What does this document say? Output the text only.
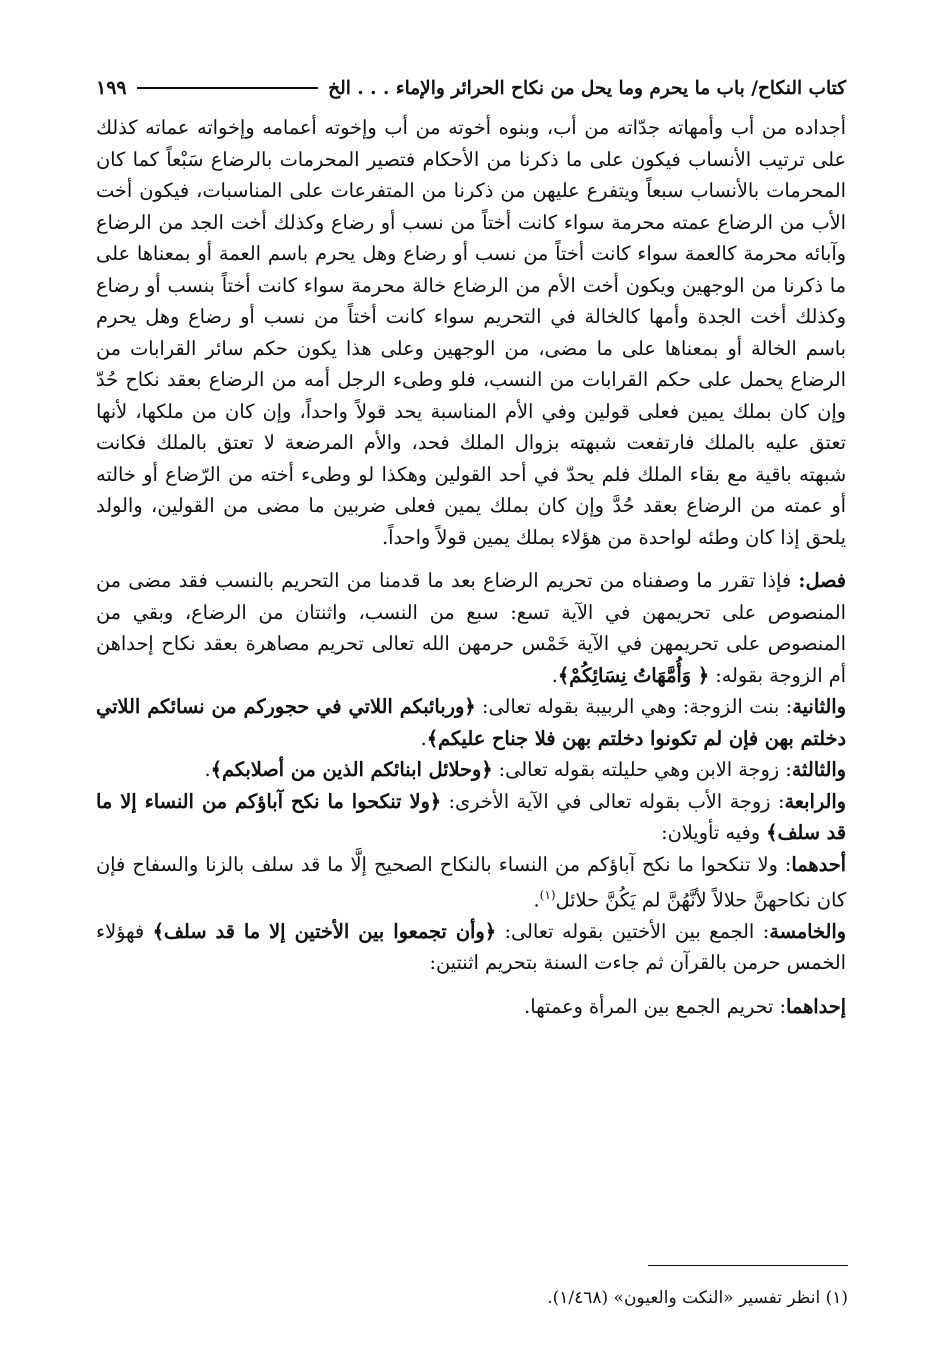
كتاب النكاح/ باب ما يحرم وما يحل من نكاح الحرائر والإماء . . . الخ
١٩٩

أجداده من أب وأمهاته جدّاته من أب، وبنوه أخوته من أب وإخوته أعمامه وإخواته عماته كذلك على ترتيب الأنساب فيكون على ما ذكرنا من الأحكام فتصير المحرمات بالرضاع سَبْعاً كما كان المحرمات بالأنساب سبعاً ويتفرع عليهن من ذكرنا من المتفرعات على المناسبات، فيكون أخت الأب من الرضاع عمته محرمة سواء كانت أختاً من نسب أو رضاع وكذلك أخت الجد من الرضاع وآبائه محرمة كالعمة سواء كانت أختاً من نسب أو رضاع وهل يحرم باسم العمة أو بمعناها على ما ذكرنا من الوجهين ويكون أخت الأم من الرضاع خالة محرمة سواء كانت أختاً بنسب أو رضاع وكذلك أخت الجدة وأمها كالخالة في التحريم سواء كانت أختاً من نسب أو رضاع وهل يحرم باسم الخالة أو بمعناها على ما مضى، من الوجهين وعلى هذا يكون حكم سائر القرابات من الرضاع يحمل على حكم القرابات من النسب، فلو وطىء الرجل أمه من الرضاع بعقد نكاح حُدّ وإن كان بملك يمين فعلى قولين وفي الأم المناسبة يحد قولاً واحداً، وإن كان من ملكها، لأنها تعتق عليه بالملك فارتفعت شبهته بزوال الملك فحد، والأم المرضعة لا تعتق بالملك فكانت شبهته باقية مع بقاء الملك فلم يحدّ في أحد القولين وهكذا لو وطىء أخته من الرّضاع أو خالته أو عمته من الرضاع بعقد حُدَّ وإن كان بملك يمين فعلى ضربين ما مضى من القولين، والولد يلحق إذا كان وطئه لواحدة من هؤلاء بملك يمين قولاً واحداً.

فصل: فإذا تقرر ما وصفناه من تحريم الرضاع بعد ما قدمنا من التحريم بالنسب فقد مضى من المنصوص على تحريمهن في الآية تسع: سبع من النسب، واثنتان من الرضاع، وبقي من المنصوص على تحريمهن في الآية خَمْس حرمهن الله تعالى تحريم مصاهرة بعقد نكاح إحداهن أم الزوجة بقوله: ﴿ وَأُمَّهَاتُ نِسَائِكُمْ﴾.

والثانية: بنت الزوجة: وهي الربيبة بقوله تعالى: ﴿وربائبكم اللاتي في حجوركم من نسائكم اللاتي دخلتم بهن فإن لم تكونوا دخلتم بهن فلا جناح عليكم﴾.

والثالثة: زوجة الابن وهي حليلته بقوله تعالى: ﴿وحلائل ابنائكم الذين من أصلابكم﴾.

والرابعة: زوجة الأب بقوله تعالى في الآية الأخرى: ﴿ولا تنكحوا ما نكح آباؤكم من النساء إلا ما قد سلف﴾ وفيه تأويلان:

أحدهما: ولا تنكحوا ما نكح آباؤكم من النساء بالنكاح الصحيح إلَّا ما قد سلف بالزنا والسفاح فإن كان نكاحهنَّ حلالاً لأنَّهُنَّ لم يَكُنَّ حلائل$^{(١)}$.

والخامسة: الجمع بين الأختين بقوله تعالى: ﴿وأن تجمعوا بين الأختين إلا ما قد سلف﴾ فهؤلاء الخمس حرمن بالقرآن ثم جاءت السنة بتحريم اثنتين:

إحداهما: تحريم الجمع بين المرأة وعمتها.

(١) انظر تفسير «النكت والعيون» (١/٤٦٨).
